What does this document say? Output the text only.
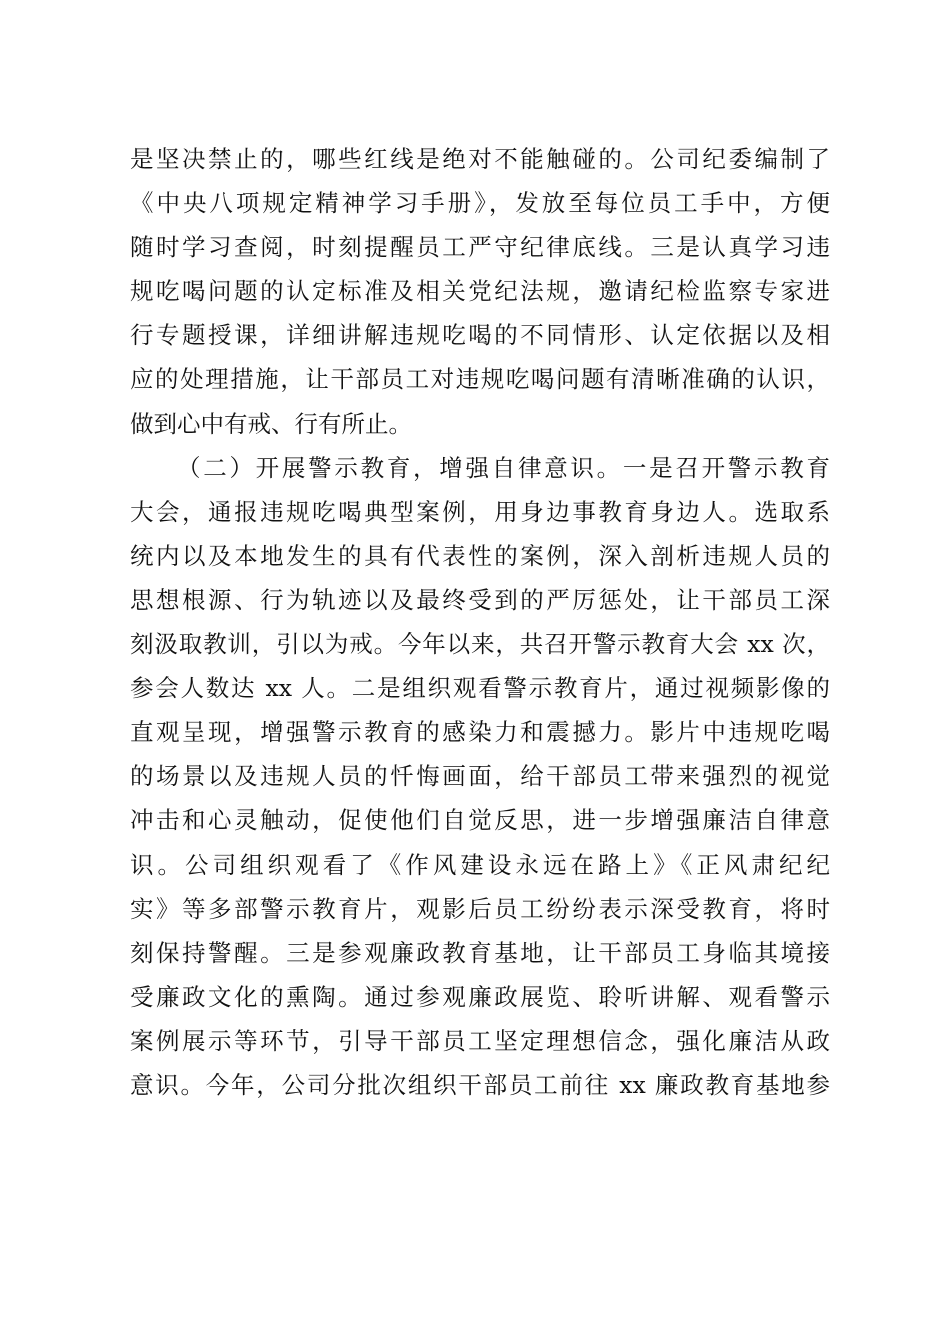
是坚决禁止的，哪些红线是绝对不能触碰的。公司纪委编制了
《中央八项规定精神学习手册》，发放至每位员工手中，方便
随时学习查阅，时刻提醒员工严守纪律底线。三是认真学习违
规吃喝问题的认定标准及相关党纪法规，邀请纪检监察专家进
行专题授课，详细讲解违规吃喝的不同情形、认定依据以及相
应的处理措施，让干部员工对违规吃喝问题有清晰准确的认识，
做到心中有戒、行有所止。
（二）开展警示教育，增强自律意识。一是召开警示教育
大会，通报违规吃喝典型案例，用身边事教育身边人。选取系
统内以及本地发生的具有代表性的案例，深入剖析违规人员的
思想根源、行为轨迹以及最终受到的严厉惩处，让干部员工深
刻汲取教训，引以为戒。今年以来，共召开警示教育大会 xx 次，
参会人数达 xx 人。二是组织观看警示教育片，通过视频影像的
直观呈现，增强警示教育的感染力和震撼力。影片中违规吃喝
的场景以及违规人员的忏悔画面，给干部员工带来强烈的视觉
冲击和心灵触动，促使他们自觉反思，进一步增强廉洁自律意
识。公司组织观看了《作风建设永远在路上》《正风肃纪纪
实》等多部警示教育片，观影后员工纷纷表示深受教育，将时
刻保持警醒。三是参观廉政教育基地，让干部员工身临其境接
受廉政文化的熏陶。通过参观廉政展览、聆听讲解、观看警示
案例展示等环节，引导干部员工坚定理想信念，强化廉洁从政
意识。今年，公司分批次组织干部员工前往 xx 廉政教育基地参
